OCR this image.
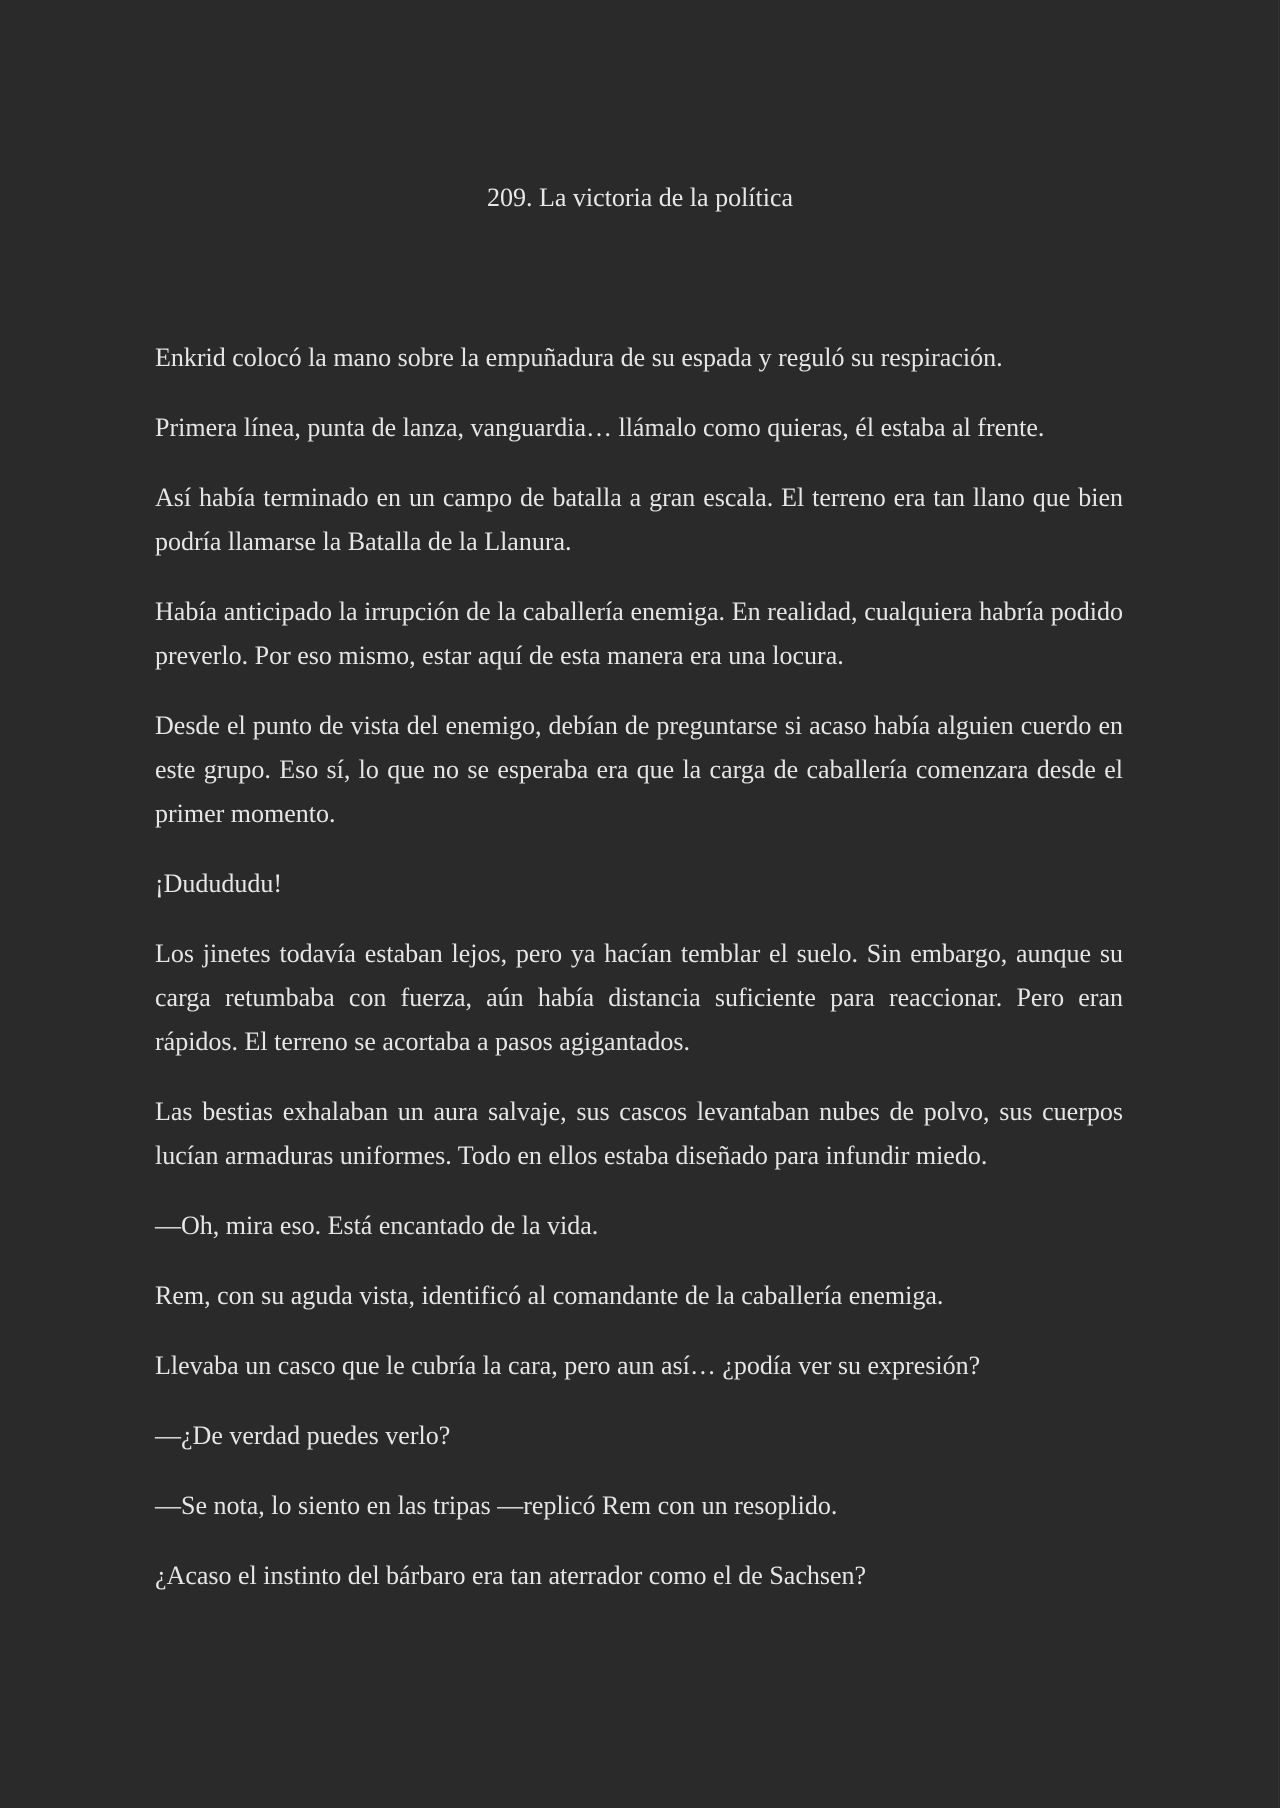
209. La victoria de la política

Enkrid colocó la mano sobre la empuñadura de su espada y reguló su respiración.

Primera línea, punta de lanza, vanguardia… llámalo como quieras, él estaba al frente.

Así había terminado en un campo de batalla a gran escala. El terreno era tan llano que bien podría llamarse la Batalla de la Llanura.

Había anticipado la irrupción de la caballería enemiga. En realidad, cualquiera habría podido preverlo. Por eso mismo, estar aquí de esta manera era una locura.

Desde el punto de vista del enemigo, debían de preguntarse si acaso había alguien cuerdo en este grupo. Eso sí, lo que no se esperaba era que la carga de caballería comenzara desde el primer momento.

¡Dudududu!

Los jinetes todavía estaban lejos, pero ya hacían temblar el suelo. Sin embargo, aunque su carga retumbaba con fuerza, aún había distancia suficiente para reaccionar. Pero eran rápidos. El terreno se acortaba a pasos agigantados.

Las bestias exhalaban un aura salvaje, sus cascos levantaban nubes de polvo, sus cuerpos lucían armaduras uniformes. Todo en ellos estaba diseñado para infundir miedo.

—Oh, mira eso. Está encantado de la vida.

Rem, con su aguda vista, identificó al comandante de la caballería enemiga.

Llevaba un casco que le cubría la cara, pero aun así… ¿podía ver su expresión?

—¿De verdad puedes verlo?

—Se nota, lo siento en las tripas —replicó Rem con un resoplido.

¿Acaso el instinto del bárbaro era tan aterrador como el de Sachsen?
